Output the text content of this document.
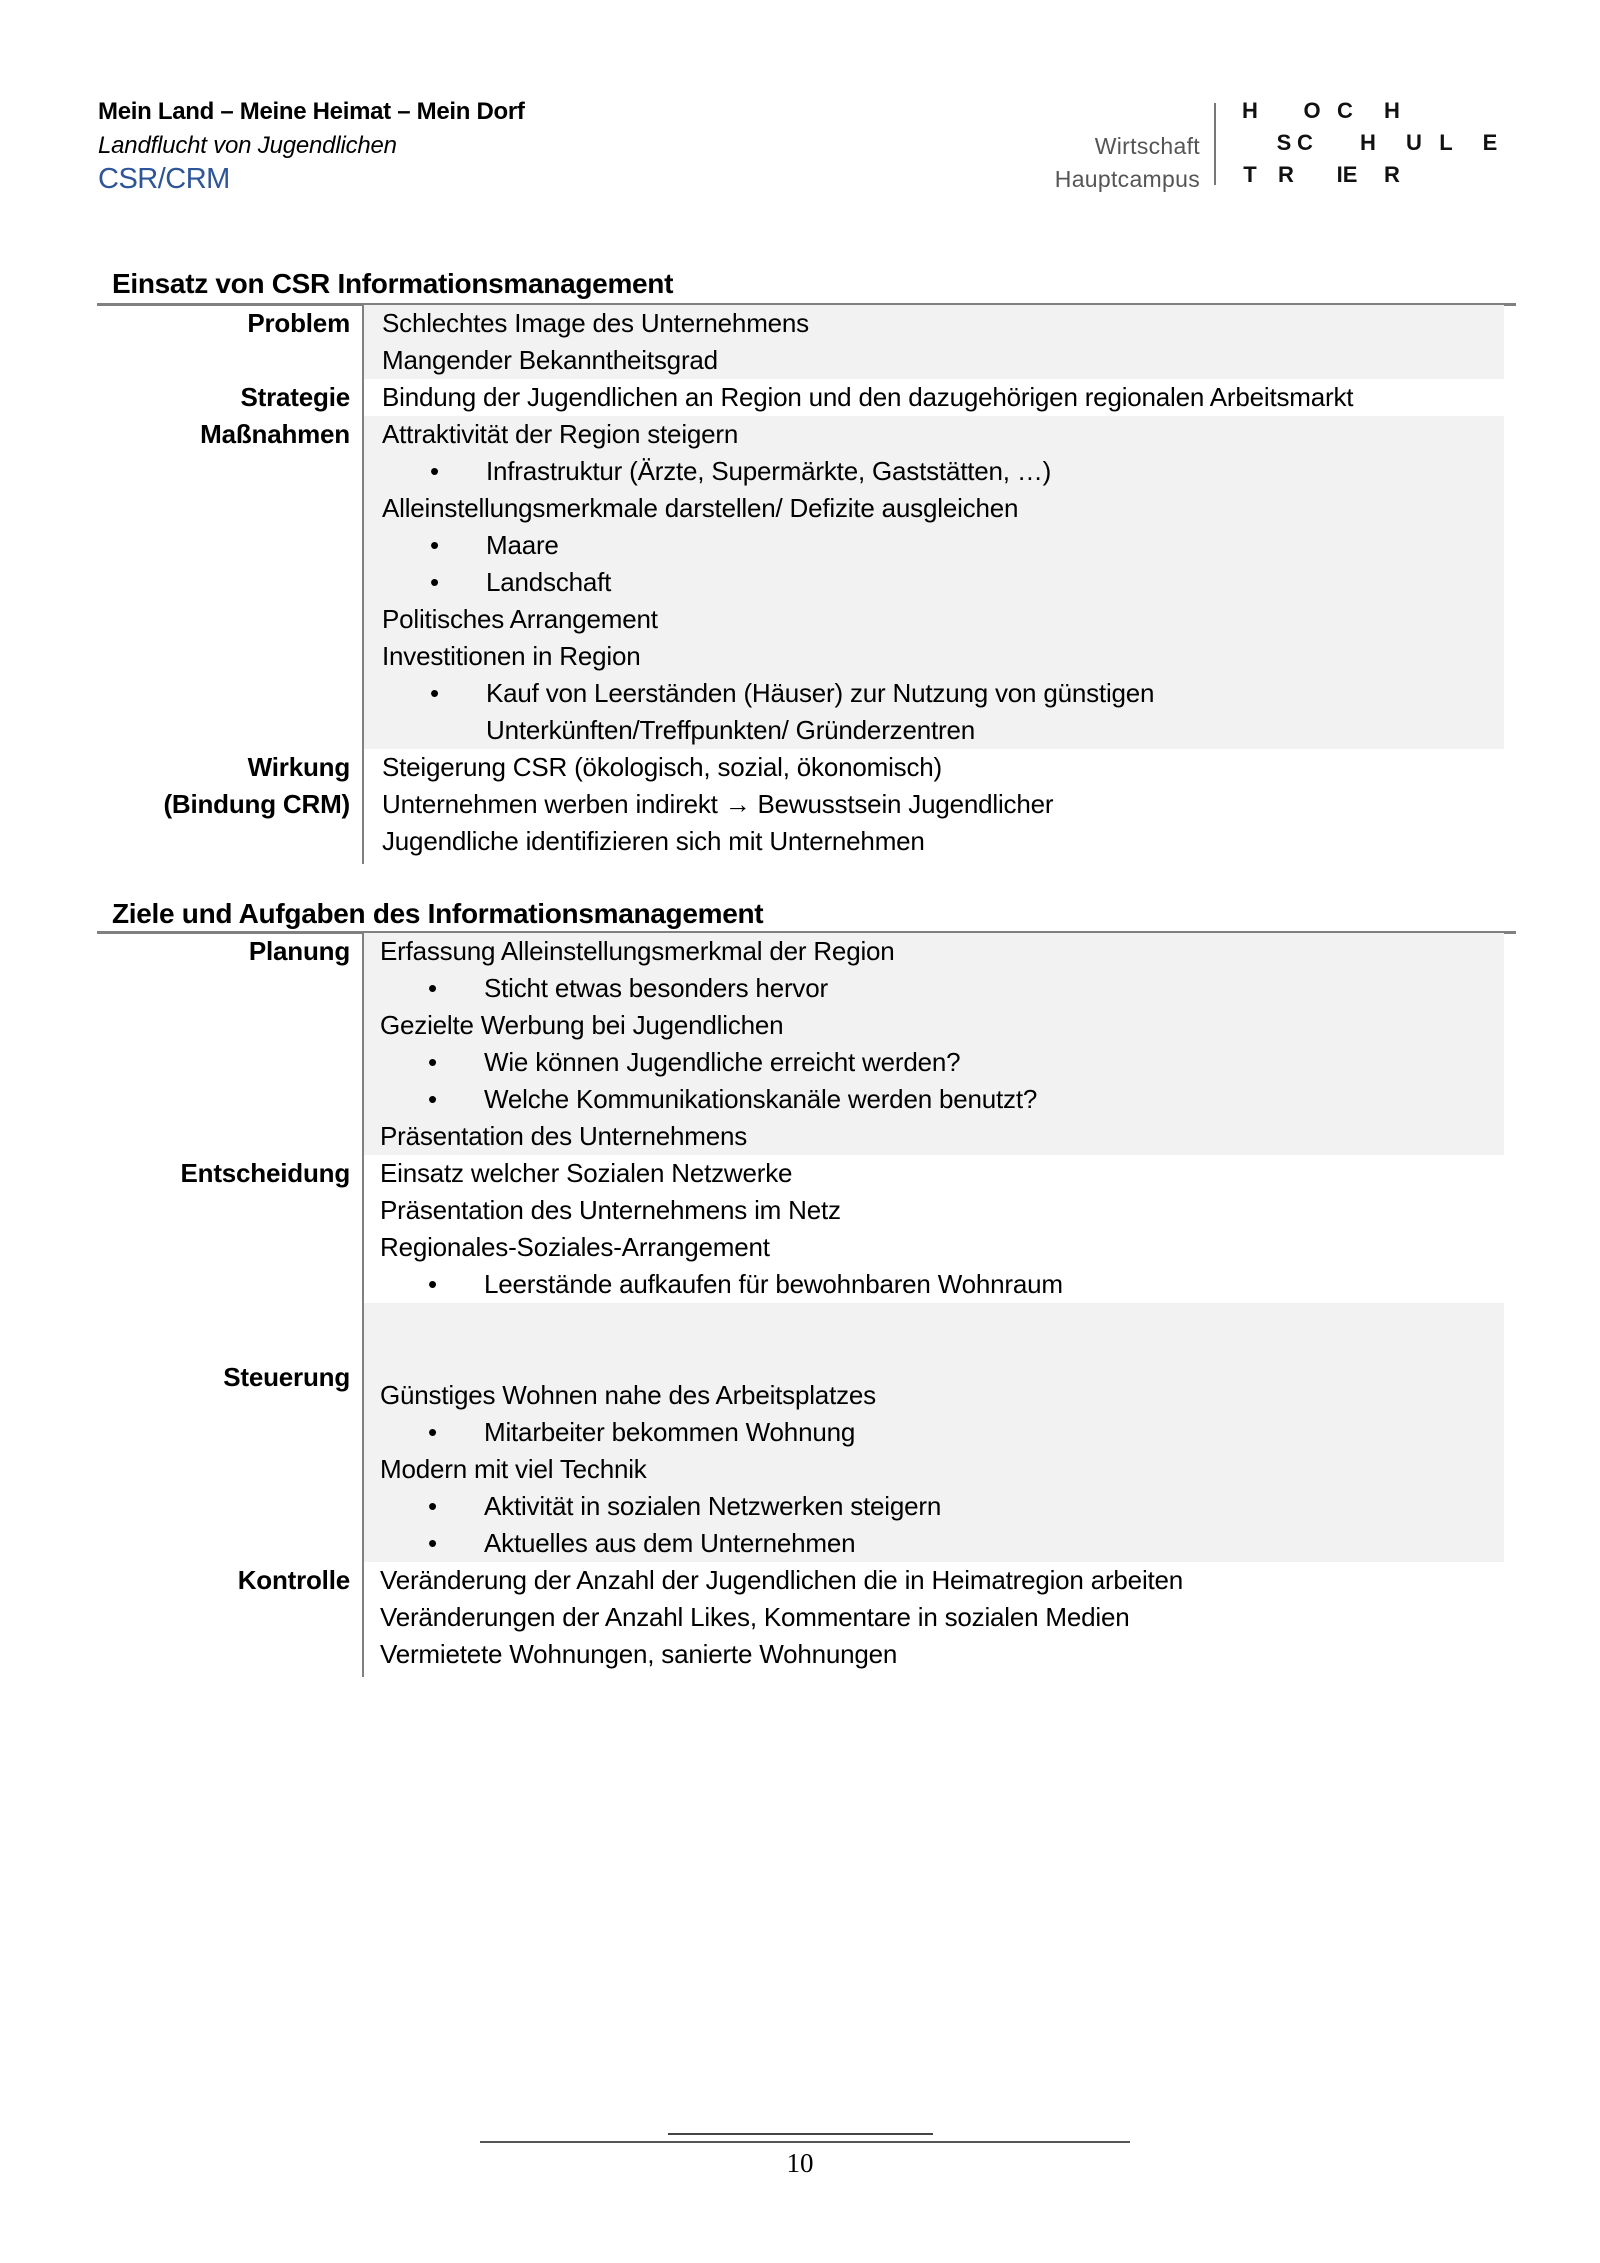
Mein Land – Meine Heimat – Mein Dorf
Landflucht von Jugendlichen
CSR/CRM
Wirtschaft
Hauptcampus
H O C H
S C H U L E
T R IE R
Einsatz von CSR Informationsmanagement
Problem Schlechtes Image des Unternehmens
Mangender Bekanntheitsgrad
Strategie Bindung der Jugendlichen an Region und den dazugehörigen regionalen Arbeitsmarkt
Maßnahmen Attraktivität der Region steigern
• Infrastruktur (Ärzte, Supermärkte, Gaststätten, …)
Alleinstellungsmerkmale darstellen/ Defizite ausgleichen
• Maare
• Landschaft
Politisches Arrangement
Investitionen in Region
• Kauf von Leerständen (Häuser) zur Nutzung von günstigen
Unterkünften/Treffpunkten/ Gründerzentren
Wirkung
(Bindung CRM)
Steigerung CSR (ökologisch, sozial, ökonomisch)
Unternehmen werben indirekt → Bewusstsein Jugendlicher
Jugendliche identifizieren sich mit Unternehmen
Ziele und Aufgaben des Informationsmanagement
Planung Erfassung Alleinstellungsmerkmal der Region
• Sticht etwas besonders hervor
Gezielte Werbung bei Jugendlichen
• Wie können Jugendliche erreicht werden?
• Welche Kommunikationskanäle werden benutzt?
Präsentation des Unternehmens
Entscheidung Einsatz welcher Sozialen Netzwerke
Präsentation des Unternehmens im Netz
Regionales-Soziales-Arrangement
• Leerstände aufkaufen für bewohnbaren Wohnraum
Steuerung
Günstiges Wohnen nahe des Arbeitsplatzes
• Mitarbeiter bekommen Wohnung
Modern mit viel Technik
• Aktivität in sozialen Netzwerken steigern
• Aktuelles aus dem Unternehmen
Kontrolle Veränderung der Anzahl der Jugendlichen die in Heimatregion arbeiten
Veränderungen der Anzahl Likes, Kommentare in sozialen Medien
Vermietete Wohnungen, sanierte Wohnungen
10
